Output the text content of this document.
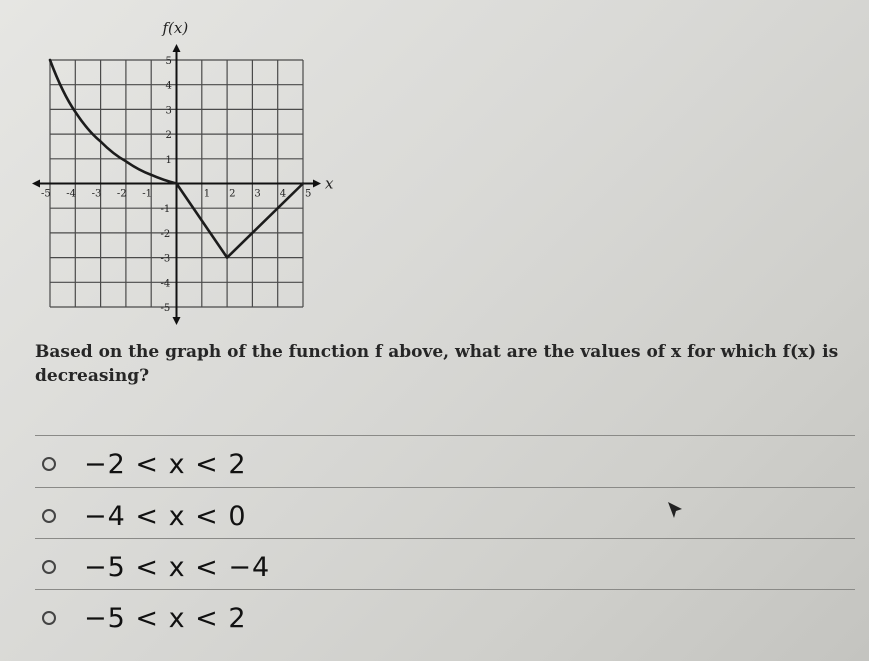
-5 -4 -3 -2 -1	1 2 3 4 5
5
4
3
2
1
-1
-2
-3
-4
-5
f(x)
x
Based on the graph of the function f above, what are the values of x for which f(x) is decreasing?
−2 < x < 2
−4 < x < 0
−5 < x < −4
−5 < x < 2
